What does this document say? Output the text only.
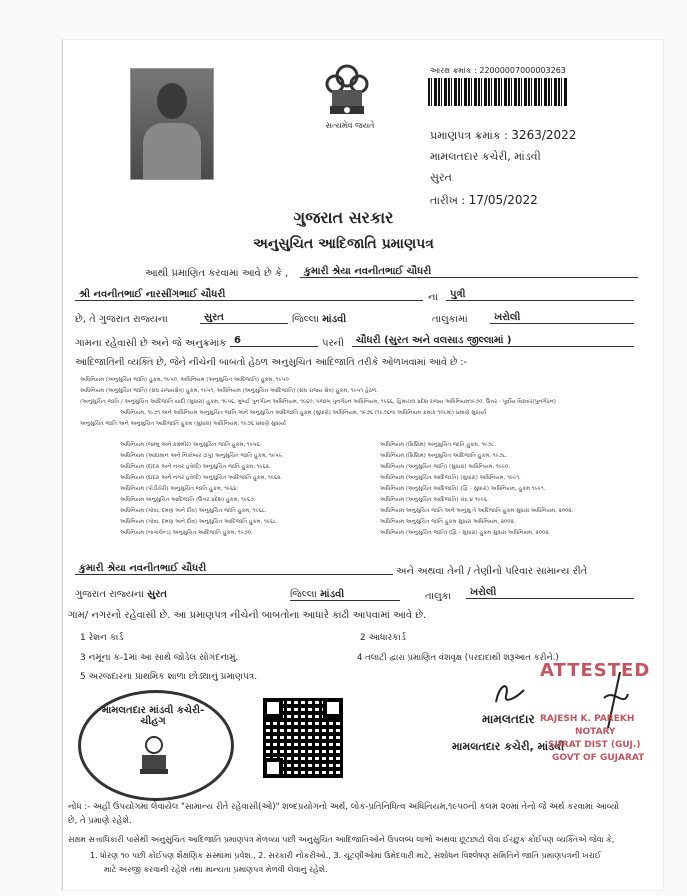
સત્યમેવ જયતે
આરક્ષ ક્રમાંક : 22000007000003263
પ્રમાણપત્ર ક્રમાંક : 3263/2022
મામલતદાર કચેરી, માંડવી
સુરત
તારીખ : 17/05/2022
ગુજરાત સરકાર
અનુસુચિત આદિજાતિ પ્રમાણપત્ર
આથી પ્રમાણિત કરવામાં આવે છે કે ,	કુમારી શ્રેયા નવનીતભાઈ ચૌધરી
શ્રી નવનીતભાઈ નારસીંગભાઈ ચૌધરી	ના	પુત્રી
છે, તે ગુજરાત રાજ્યના	સુરત	જિલ્લા માંડવી	તાલુકામાં	ખરોલી
ગામના રહેવાસી છે અને જે અનુક્રમાંક 6	પરની	ચૌધરી (સુરત અને વલસાડ જીલ્લામાં )
આદિજાતિની વ્યક્તિ છે, જેને નીચેની બાબતો હેઠળ અનુસુચિત આદિજાતિ તરીકે ઓળખવામાં આવે છે :-
અધિનિયમ (અનુસુચિત જાતિ) હુકમ, ૧૯૫૦, અધિનિયમ (અનુસુચિત આદિજાતિ) હુકમ, ૧૯૫૦
અધિનિયમ (અનુસુચિત જાતિ) (સંઘ રાજ્યક્ષેત્ર) હુકમ, ૧૯૫૧, અધિનિયમ (અનુસુચિત આદિજાતિ) (સંઘ રાજ્ય ક્ષેત્ર) હુકમ, ૧૯૫૧ હેઠળ.
(અનુસુચિત જાતિ / અનુસુચિત આદિજાતિ યાદી (સુધારા) હુકમ, ૧૯૫૬, મુંબઈ પુનર્ગઠન અધિનિયમ, ૧૯૬૦, પંજાબ પુનર્ગઠન અધિનિયમ, ૧૯૬૬, હિમાચલ પ્રદેશ રાજ્ય અધિનિયમ૧૯૭૦, ઉત્તર - પૂર્વીય વિસ્તાર(પુનર્ગઠન)
અધિનિયમ, ૧૯૭૧ અને અધિનિયમ અનુસુચિત જાતિ અને અનુસુચિત આદિજાતિ હુકમ (સુધારો) અધિનિયમ, ૧૯૭૬ (૧૯૭૬ના અધિનિયમ ક્રમાંક ૧૦૮માં) પ્રમાણે સુધાર્યા
અનુસુચિત જાતિ અને અનુસુચિત આદિજાતિ હુકમ (સુધારા) અધિનિયમ, ૧૯૭૬ પ્રમાણે સુધાર્યા
અધિનિયમ (જમ્મુ અને કાશ્મીર) અનુસુચિત જાતિ હુકમ, ૧૯૫૬.
અધિનિયમ (આંદામાન અને નિકોબાર ટાપુ) અનુસુચિત જાતિ હુકમ, ૧૯૫૯.
અધિનિયમ (દાદરા અને નગર હવેલી) અનુસુચિત જાતિ હુકમ, ૧૯૬૨.
અધિનિયમ (દાદરા અને નગર હવેલી) અનુસુચિત આદિજાતિ હુકમ, ૧૯૬૨.
અધિનિયમ (પોંડીચેરી) અનુસુચિત જાતિ હુકમ, ૧૯૬૪.
અધિનિયમ અનુસુચિત આદિજાતિ (ઉત્તર પ્રદેશ) હુકમ, ૧૯૬૭.
અધિનિયમ (ગોવા, દમણ અને દીવ) અનુસુચિત જાતિ હુકમ, ૧૯૬૮.
અધિનિયમ (ગોવા, દમણ અને દીવ) અનુસુચિત આદિજાતિ હુકમ, ૧૯૬૮.
અધિનિયમ (નાગાલેન્ડ) અનુસુચિત આદિજાતિ હુકમ, ૧૯૭૦.
અધિનિયમ (સિક્કિમ) અનુસુચિત જાતિ હુકમ, ૧૯૭૮.
અધિનિયમ (સિક્કિમ) અનુસુચિત આદિજાતિ હુકમ, ૧૯૭૮.
અધિનિયમ (અનુસુચિત જાતિ) (સુધારા) અધિનિયમ, ૧૯૯૦.
અધિનિયમ (અનુસુચિત આદિજાતિ) (સુધારા) અધિનિયમ, ૧૯૯૧.
અધિનિયમ (અનુસુચિત આદિજાતિ) (દ્વિ - સુધારા) અધિનિયમ, હુકમ ૧૯૯૧.
અધિનિયમ (અનુસુચિત આદિજાતિ) ચંદ્ર ૪ ૧૯૯૬.
અધિનિયમ અનુસુચિત જાતિ અને અનુસુ તે આદિજાતિ હુકમ સુધારા અધિનિયમ, ૨૦૦૨.
અધિનિયમ અનુસુચિત જાતિ હુકમ સુધારા અધિનિયમ, ૨૦૦૨.
અધિનિયમ (અનુસુચિત જાતિ) (દ્વિ - સુધારા) હુકમ સુધારા અધિનિયમ, ૨૦૦૨.
કુમારી શ્રેયા નવનીતભાઈ ચૌધરી	અને અથવા તેની / તેણીનો પરિવાર સામાન્ય રીતે
ગુજરાત રાજ્યના સુરત	જિલ્લા માંડવી	તાલુકા	ખરોલી
ગામ/ નગરનો રહેવાસી છે. આ પ્રમાણપત્ર નીચેની બાબતોના આધારે કાઢી આપવામાં આવે છે.
1 રેશન કાર્ડ	2 આધારકાર્ડ
3 નમૂના ક-1માં આ સાથે જોડેલ સોગંદનામું.	4 તલાટી દ્વારા પ્રમાણિત વંશવૃક્ષ (પરદાદાથી શરૂઆત કરીને.)
5 અરજદારના પ્રાથમિક શાળા છોડ્યાનું પ્રમાણપત્ર.
મામલતદાર માંડવી કચેરી-ચીહગ	મામલતદાર
મામલતદાર કચેરી, માંડવી
ATTESTED
RAJESH K. PAREKH
NOTARY
SURAT DIST (GUJ.)
GOVT OF GUJARAT
નોંધ :- અહીં ઉપયોગમાં લેવાયેલ "સામાન્ય રીતે રહેવાસી(ઓ)" શબ્દપ્રયોગનો અર્થ, લોક-પ્રતિનિધિત્વ અધિનિયમ,૧૯૫૦ની કલમ ૨૦માં તેનો જે અર્થ કરવામાં આવ્યો છે, તે પ્રમાણે રહેશે.
સક્ષમ સત્તાધિકારી પાસેથી અનુસુચિત આદિજાતિ પ્રમાણપત્ર મેળવ્યા પછી અનુસુચિત આદિજાતિઓને ઉપલબ્ધ લાભો અથવા છૂટછાટો લેવા ઈચ્છુક કોઈપણ વ્યક્તિએ જેવા કે,
1. ધોરણ ૧૦ પછી કોઈપણ શૈક્ષણિક સંસ્થામાં પ્રવેશ., 2. સરકારી નોકરીઓ., 3. ચૂંટણીઓમાં ઉમેદવારી માટે, સંશોધન વિશ્લેષણ સમિતિને જાતિ પ્રમાણપત્રની ખરાઈ
માટે અરજી કરવાની રહેશે તથા માન્યતા પ્રમાણપત્ર મેળવી લેવાનું રહેશે.
